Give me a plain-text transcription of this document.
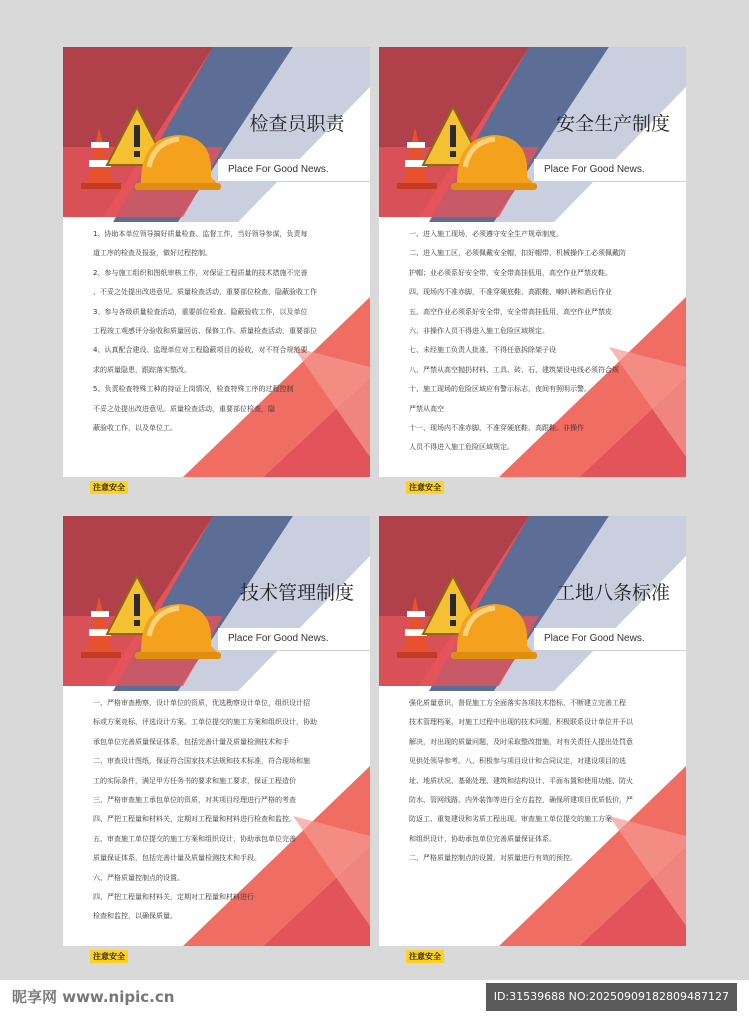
检查员职责
Place For Good News.

1、协助本单位领导搞好质量检查、监督工作，当好领导参谋，负责每

道工序的检查及报验，做好过程控制。

2、参与施工组织和图纸审核工作，对保证工程质量的技术措施不完善

、不妥之处提出改进意见。质量检查活动，重要部位检查，隐蔽验收工作

3、参与各级质量检查活动，重要部位检查、隐蔽验收工作，以及单位

工程竣工观感评分验收和质量回访、保修工作。质量检查活动，重要部位

4、认真配合建设、监理单位对工程隐蔽项目的验收，对不符合规范要

求的质量隐患，跟踪落实整改。

5、负责检查特殊工种的持证上岗情况，检查特殊工序的过程控制

不妥之处提出改进意见。质量检查活动，重要部位检查，隐

蔽验收工作，以及单位工。

注意安全
安全生产制度
Place For Good News.

一、进入施工现场，必须遵守安全生产规章制度。

二、进入施工区，必须佩戴安全帽，扣好帽带，机械操作工必须佩戴防

护帽；业必须系好安全带，安全带高挂低用，高空作业严禁皮鞋。

四、现场内不准赤脚，不准穿硬底鞋、高跟鞋、喇叭裤和酒后作业

五、高空作业必须系好安全带，安全带高挂低用，高空作业严禁皮

六、非操作人员不得进入施工危险区域规定。

七、未经施工负责人批准，不得任意拆除架子设

八、严禁从高空抛扔材料、工具、砖、石、建筑架设电线必须符合规

十、施工现场的危险区域应有警示标志，夜间有照明示警。

严禁从高空

十一、现场内不准赤脚，不准穿硬底鞋、高跟鞋。非操作

人员不得进入施工危险区域规定。

注意安全
技术管理制度
Place For Good News.

一、严格审查勘察、设计单位的资质，优选勘察设计单位，组织设计招

标或方案竞标，评选设计方案。工单位提交的施工方案和组织设计，协助

承包单位完善质量保证体系，包括完善计量及质量检测技术和手

二、审查设计图纸，保证符合国家技术法规和技术标准，符合现场和施

工的实际条件，满足甲方任务书的要求和施工要求，保证工程造价

三、严格审查施工承包单位的资质，对其项目经理进行严格的考查

四、严把工程量和材料关，定期对工程量和材料进行检查和监控。

五、审查施工单位提交的施工方案和组织设计，协助承包单位完善

质量保证体系，包括完善计量及质量检测技术和手段。

六、严格质量控制点的设置。

四、严把工程量和材料关，定期对工程量和材料进行

检查和监控，以确保质量。

注意安全
工地八条标准
Place For Good News.

强化质量意识，督促施工方全面落实各项技术指标，不断建立完善工程

技术管理档案，对施工过程中出现的技术问题，积极联系设计单位并予以

解决，对出现的质量问题，及时采取整改措施，对有关责任人提出处罚意

见供处领导参考。八、积极参与项目设计和合同议定，对建设项目的选

址、地质状况、基础处理、建筑和结构设计、平面布置和使用功能、防火

防水、管网线路、内外装饰等进行全方监控，确保所建项目优质低价，严

防返工、重复建设和劣质工程出现。审查施工单位提交的施工方案

和组织设计，协助承包单位完善质量保证体系。

二、严格质量控制点的设置，对质量进行有效的预控。

注意安全
昵享网 www.nipic.cn	ID:31539688 NO:20250909182809487127
